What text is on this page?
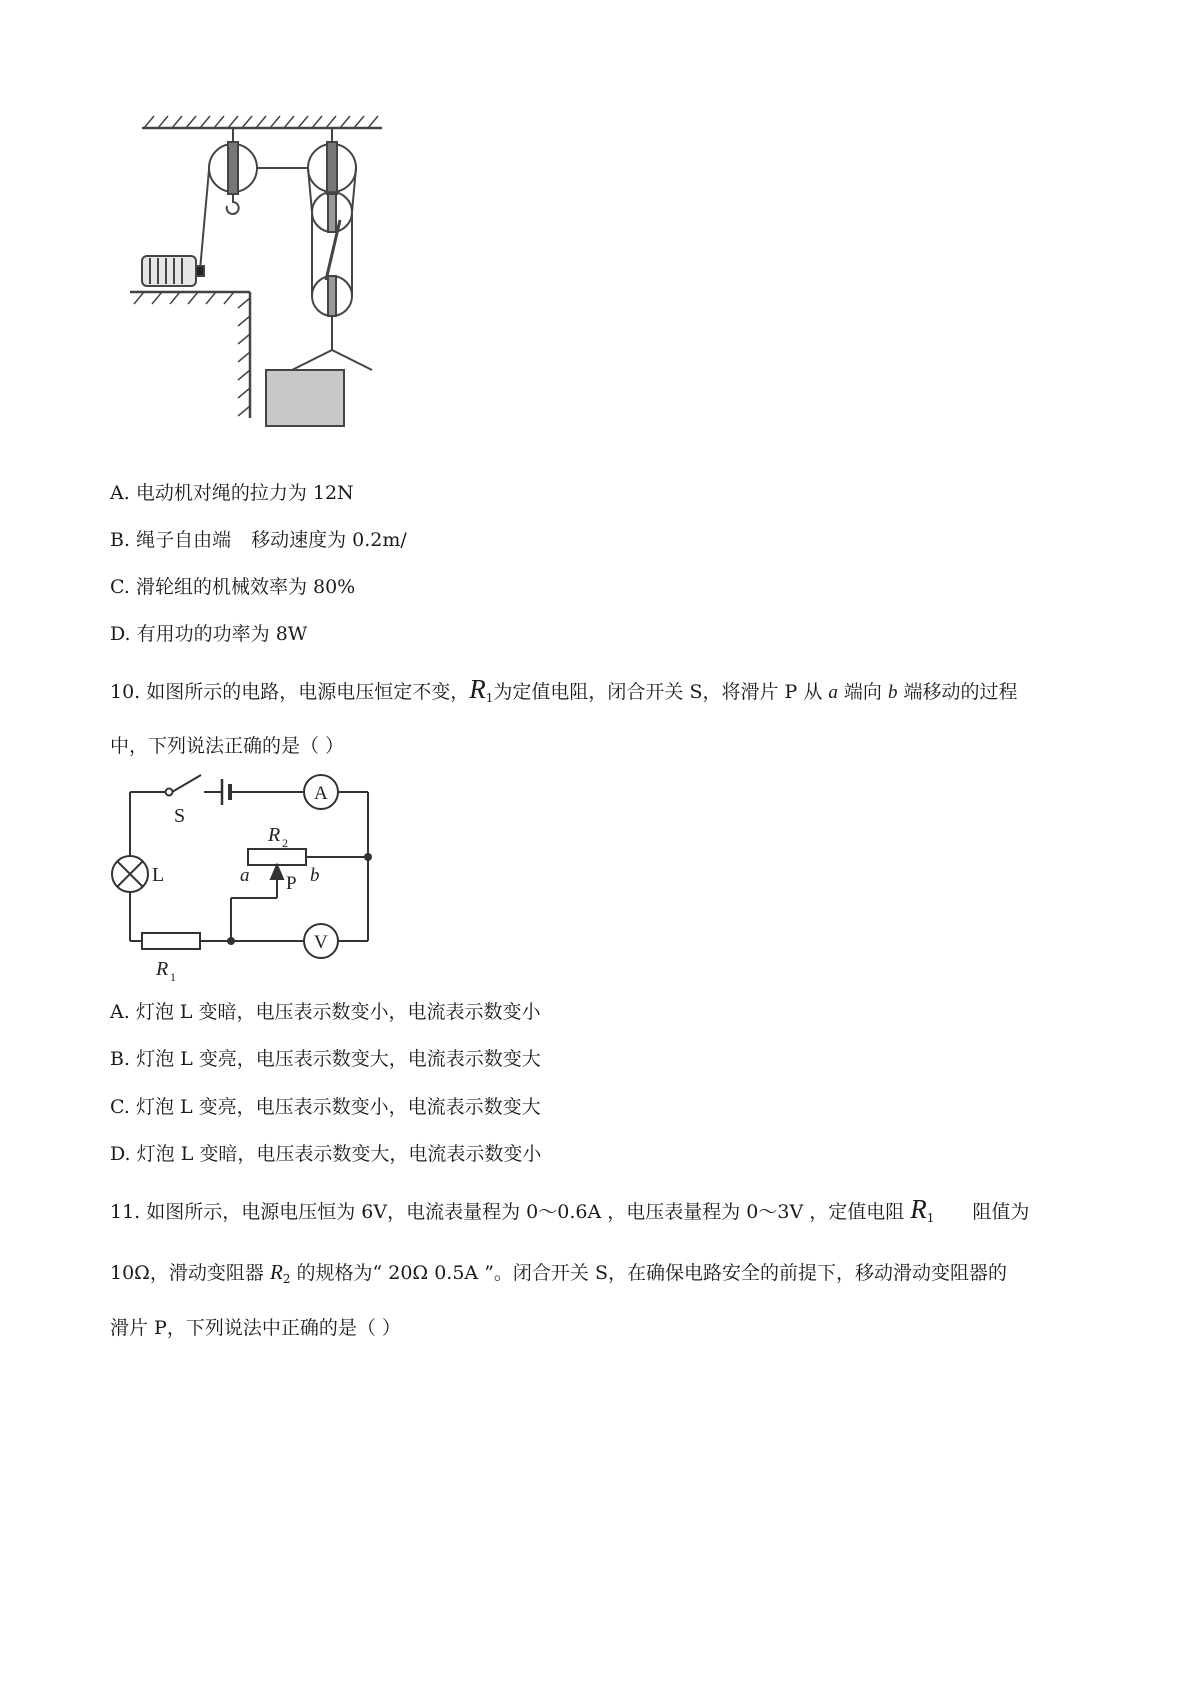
A. 电动机对绳的拉力为 12N
B. 绳子自由端 移动速度为 0.2m/
C. 滑轮组的机械效率为 80%
D. 有用功的功率为 8W
10. 如图所示的电路，电源电压恒定不变，$R_1$为定值电阻，闭合开关 S，将滑片 P 从 a 端向 b 端移动的过程
中，下列说法正确的是（ ）
S
A
V
L
R 2
a	b
P
R 1
A. 灯泡 L 变暗，电压表示数变小，电流表示数变小
B. 灯泡 L 变亮，电压表示数变大，电流表示数变大
C. 灯泡 L 变亮，电压表示数变小，电流表示数变大
D. 灯泡 L 变暗，电压表示数变大，电流表示数变小
11. 如图所示，电源电压恒为 6V，电流表量程为 0～0.6A ，电压表量程为 0～3V ，定值电阻 $R_1$ 阻值为
10Ω，滑动变阻器 $R_2$ 的规格为“ 20Ω 0.5A ”。闭合开关 S，在确保电路安全的前提下，移动滑动变阻器的
滑片 P，下列说法中正确的是（ ）
